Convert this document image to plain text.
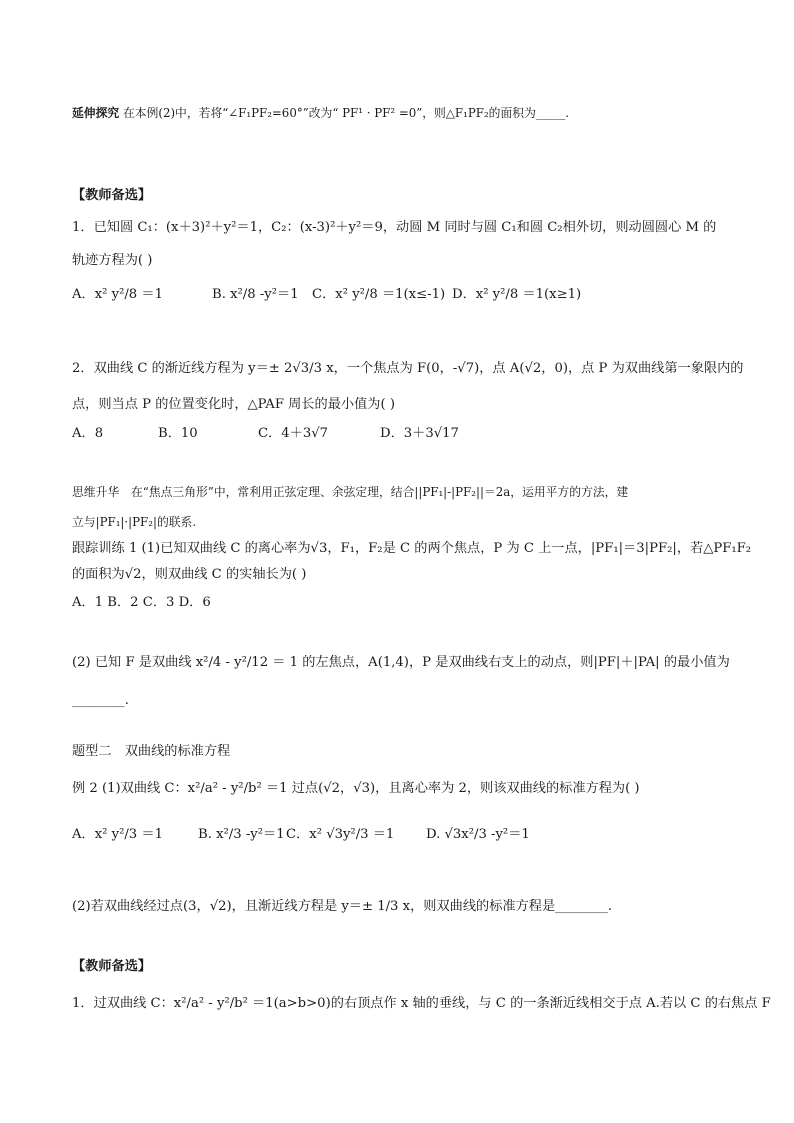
延伸探究 在本例(2)中，若将“∠F₁PF₂=60°”改为“ PF¹ · PF² =0”，则△F₁PF₂的面积为_____.
【教师备选】
1．已知圆 C₁：(x＋3)²＋y²＝1，C₂：(x-3)²＋y²＝9，动圆 M 同时与圆 C₁和圆 C₂相外切，则动圆圆心 M 的
轨迹方程为( )
A．x² y²/8 ＝1	B. x²/8 -y²＝1 C．x² y²/8 ＝1(x≤-1) D．x² y²/8 ＝1(x≥1)
2．双曲线 C 的渐近线方程为 y＝± 2√3/3 x，一个焦点为 F(0，-√7)，点 A(√2，0)，点 P 为双曲线第一象限内的
点，则当点 P 的位置变化时，△PAF 周长的最小值为( )
A．8	B．10	C．4＋3√7	D．3＋3√17
思维升华　在“焦点三角形”中，常利用正弦定理、余弦定理，结合||PF₁|-|PF₂||＝2a，运用平方的方法，建
立与|PF₁|·|PF₂|的联系.
跟踪训练 1 (1)已知双曲线 C 的离心率为√3，F₁，F₂是 C 的两个焦点，P 为 C 上一点，|PF₁|＝3|PF₂|，若△PF₁F₂
的面积为√2，则双曲线 C 的实轴长为( )
A．1 B．2 C．3 D．6
(2) 已知 F 是双曲线 x²/4 - y²/12 ＝ 1 的左焦点，A(1,4)，P 是双曲线右支上的动点，则|PF|＋|PA| 的最小值为
________.
题型二　双曲线的标准方程
例 2 (1)双曲线 C：x²/a² - y²/b² ＝1 过点(√2，√3)，且离心率为 2，则该双曲线的标准方程为( )
A．x² y²/3 ＝1	B. x²/3 -y²＝1 C．x² √3y²/3 ＝1 D. √3x²/3 -y²＝1
(2)若双曲线经过点(3，√2)，且渐近线方程是 y＝± 1/3 x，则双曲线的标准方程是________.
【教师备选】
1．过双曲线 C：x²/a² - y²/b² ＝1(a>b>0)的右顶点作 x 轴的垂线，与 C 的一条渐近线相交于点 A.若以 C 的右焦点 F
